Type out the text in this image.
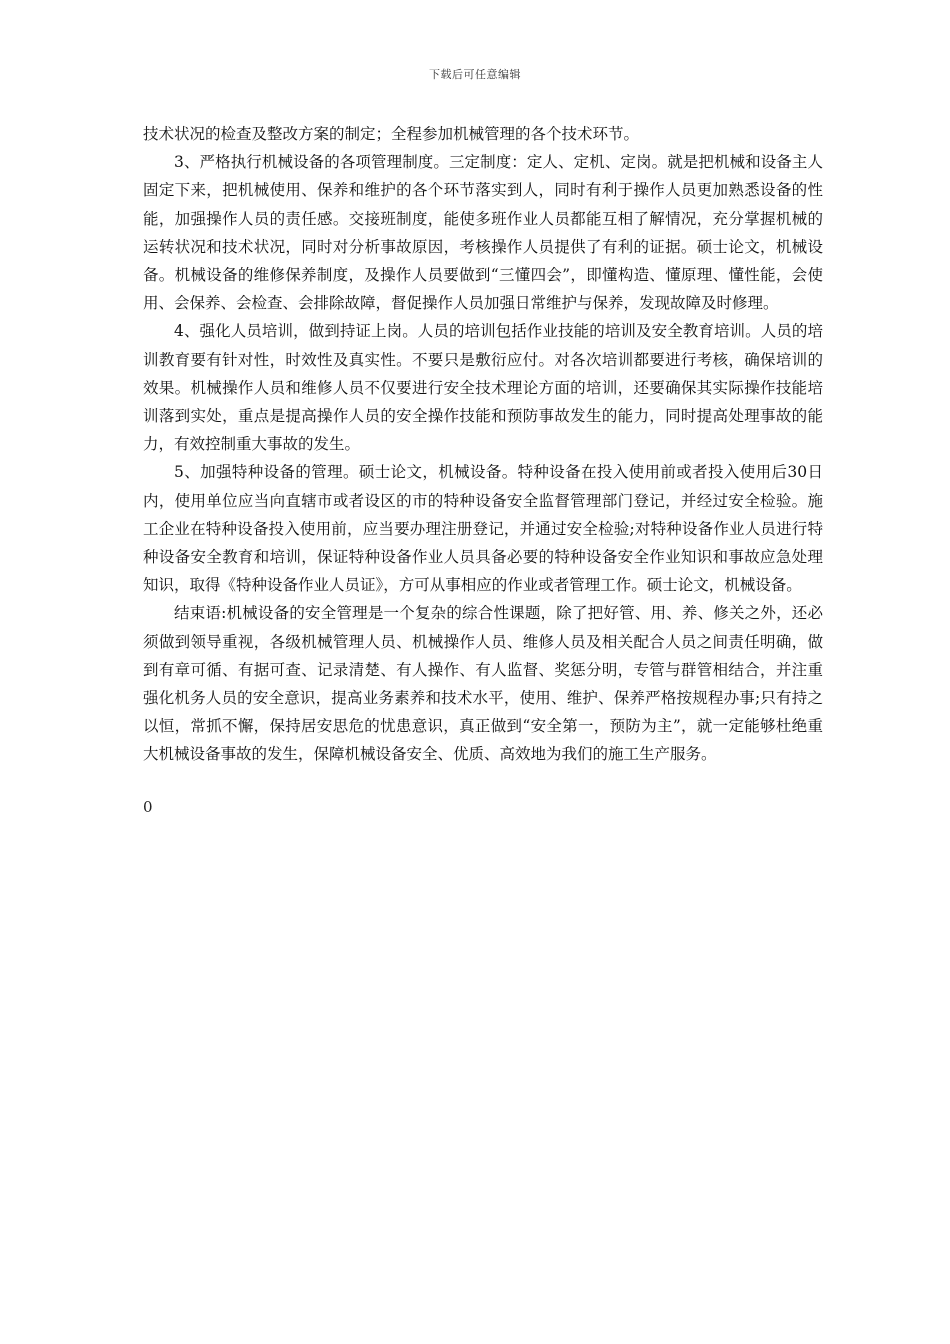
下载后可任意编辑

技术状况的检查及整改方案的制定；全程参加机械管理的各个技术环节。

3、严格执行机械设备的各项管理制度。三定制度：定人、定机、定岗。就是把机械和设备主人固定下来，把机械使用、保养和维护的各个环节落实到人，同时有利于操作人员更加熟悉设备的性能，加强操作人员的责任感。交接班制度，能使多班作业人员都能互相了解情况，充分掌握机械的运转状况和技术状况，同时对分析事故原因，考核操作人员提供了有利的证据。硕士论文，机械设备。机械设备的维修保养制度，及操作人员要做到“三懂四会”，即懂构造、懂原理、懂性能，会使用、会保养、会检查、会排除故障，督促操作人员加强日常维护与保养，发现故障及时修理。

4、强化人员培训，做到持证上岗。人员的培训包括作业技能的培训及安全教育培训。人员的培训教育要有针对性，时效性及真实性。不要只是敷衍应付。对各次培训都要进行考核，确保培训的效果。机械操作人员和维修人员不仅要进行安全技术理论方面的培训，还要确保其实际操作技能培训落到实处，重点是提高操作人员的安全操作技能和预防事故发生的能力，同时提高处理事故的能力，有效控制重大事故的发生。

5、加强特种设备的管理。硕士论文，机械设备。特种设备在投入使用前或者投入使用后30日内，使用单位应当向直辖市或者设区的市的特种设备安全监督管理部门登记，并经过安全检验。施工企业在特种设备投入使用前，应当要办理注册登记，并通过安全检验;对特种设备作业人员进行特种设备安全教育和培训，保证特种设备作业人员具备必要的特种设备安全作业知识和事故应急处理知识，取得《特种设备作业人员证》，方可从事相应的作业或者管理工作。硕士论文，机械设备。

结束语:机械设备的安全管理是一个复杂的综合性课题，除了把好管、用、养、修关之外，还必须做到领导重视，各级机械管理人员、机械操作人员、维修人员及相关配合人员之间责任明确，做到有章可循、有据可查、记录清楚、有人操作、有人监督、奖惩分明，专管与群管相结合，并注重强化机务人员的安全意识，提高业务素养和技术水平，使用、维护、保养严格按规程办事;只有持之以恒，常抓不懈，保持居安思危的忧患意识，真正做到“安全第一，预防为主”，就一定能够杜绝重大机械设备事故的发生，保障机械设备安全、优质、高效地为我们的施工生产服务。

0
